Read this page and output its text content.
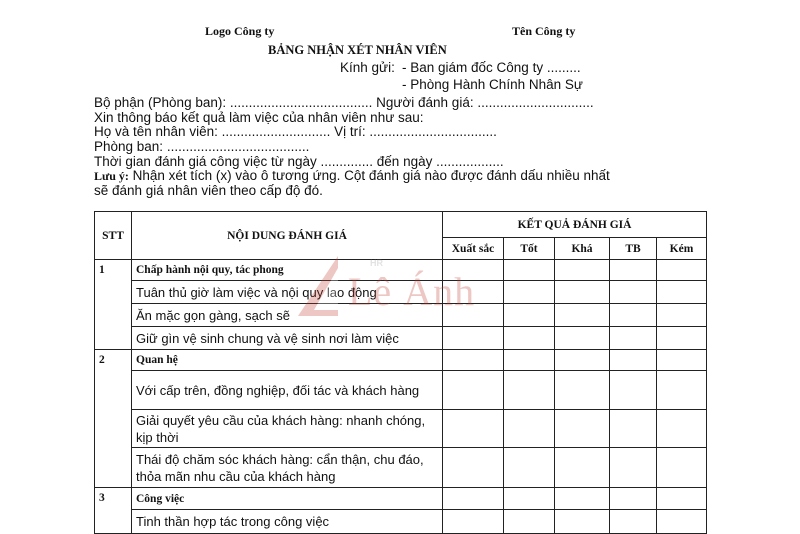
Logo Công ty	Tên Công ty
BẢNG NHẬN XÉT NHÂN VIÊN
Kính gửi: - Ban giám đốc Công ty .........
- Phòng Hành Chính Nhân Sự
Bộ phận (Phòng ban): ...................................... Người đánh giá: ...............................
Xin thông báo kết quả làm việc của nhân viên như sau:
Họ và tên nhân viên: ............................. Vị trí: ..................................
Phòng ban: ......................................
Thời gian đánh giá công việc từ ngày .............. đến ngày ..................
Lưu ý: Nhận xét tích (x) vào ô tương ứng. Cột đánh giá nào được đánh dấu nhiều nhất
sẽ đánh giá nhân viên theo cấp độ đó.
STT	NỘI DUNG ĐÁNH GIÁ	KẾT QUẢ ĐÁNH GIÁ				
		Xuất sắc	Tốt	Khá	TB	Kém
1	Chấp hành nội quy, tác phong					
	Tuân thủ giờ làm việc và nội quy lao động					
	Ăn mặc gọn gàng, sạch sẽ					
	Giữ gìn vệ sinh chung và vệ sinh nơi làm việc					
2	Quan hệ					
	Với cấp trên, đồng nghiệp, đối tác và khách hàng					
	Giải quyết yêu cầu của khách hàng: nhanh chóng, kịp thời					
	Thái độ chăm sóc khách hàng: cẩn thận, chu đáo, thỏa mãn nhu cầu của khách hàng					
3	Công việc					
	Tinh thần hợp tác trong công việc					
HR
Lê Ánh
